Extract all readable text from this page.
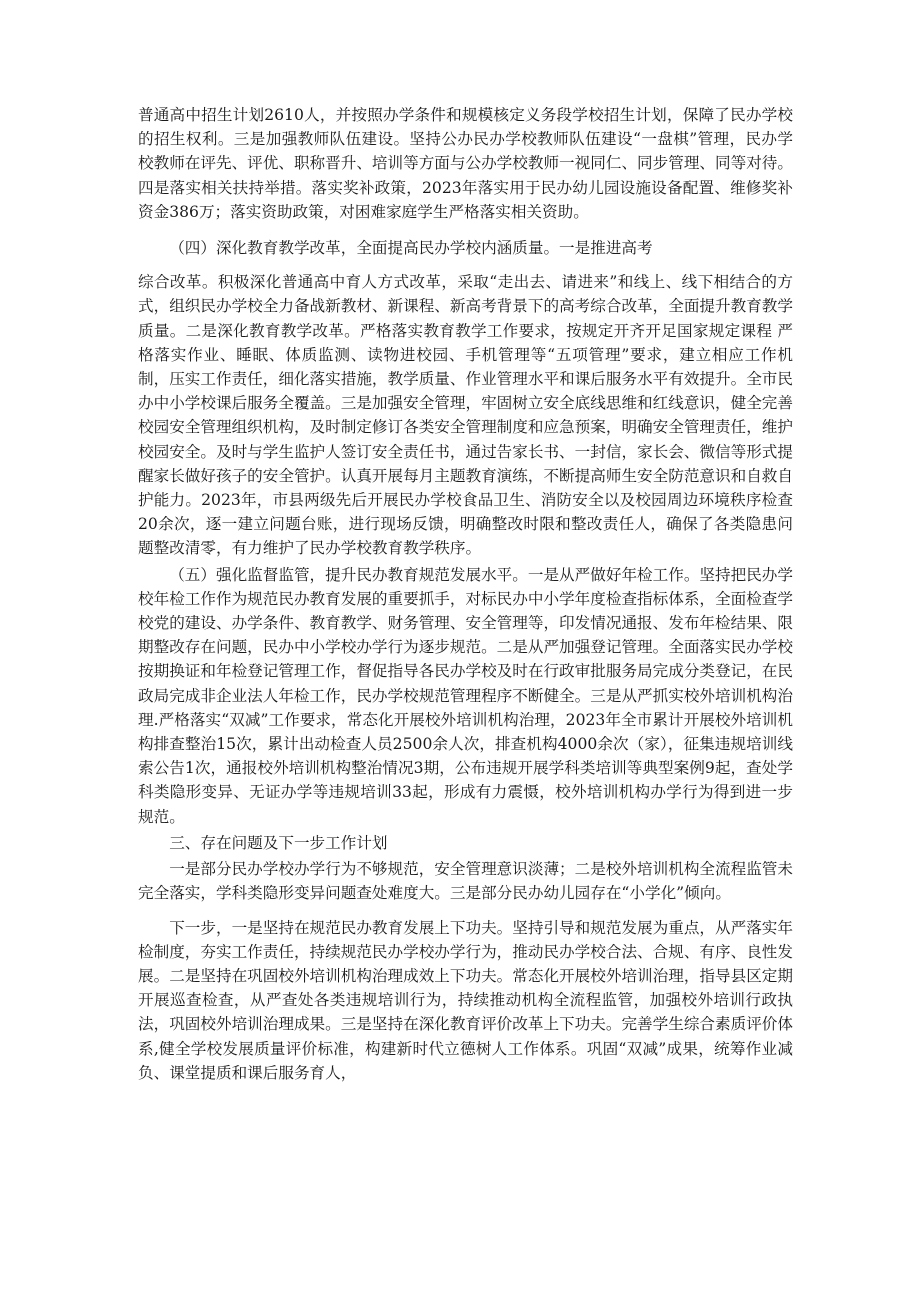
普通高中招生计划2610人，并按照办学条件和规模核定义务段学校招生计划，保障了民办学校的招生权利。三是加强教师队伍建设。坚持公办民办学校教师队伍建设“一盘棋”管理，民办学校教师在评先、评优、职称晋升、培训等方面与公办学校教师一视同仁、同步管理、同等对待。四是落实相关扶持举措。落实奖补政策，2023年落实用于民办幼儿园设施设备配置、维修奖补资金386万；落实资助政策，对困难家庭学生严格落实相关资助。

（四）深化教育教学改革，全面提高民办学校内涵质量。一是推进高考
综合改革。积极深化普通高中育人方式改革，采取“走出去、请进来”和线上、线下相结合的方式，组织民办学校全力备战新教材、新课程、新高考背景下的高考综合改革，全面提升教育教学质量。二是深化教育教学改革。严格落实教育教学工作要求，按规定开齐开足国家规定课程 严格落实作业、睡眠、体质监测、读物进校园、手机管理等“五项管理”要求，建立相应工作机制，压实工作责任，细化落实措施，教学质量、作业管理水平和课后服务水平有效提升。全市民办中小学校课后服务全覆盖。三是加强安全管理，牢固树立安全底线思维和红线意识，健全完善校园安全管理组织机构，及时制定修订各类安全管理制度和应急预案，明确安全管理责任，维护校园安全。及时与学生监护人签订安全责任书，通过告家长书、一封信，家长会、微信等形式提醒家长做好孩子的安全管护。认真开展每月主题教育演练，不断提高师生安全防范意识和自救自护能力。2023年，市县两级先后开展民办学校食品卫生、消防安全以及校园周边环境秩序检查20余次，逐一建立问题台账，进行现场反馈，明确整改时限和整改责任人，确保了各类隐患问题整改清零，有力维护了民办学校教育教学秩序。

（五）强化监督监管，提升民办教育规范发展水平。一是从严做好年检工作。坚持把民办学校年检工作作为规范民办教育发展的重要抓手，对标民办中小学年度检查指标体系，全面检查学校党的建设、办学条件、教育教学、财务管理、安全管理等，印发情况通报、发布年检结果、限期整改存在问题，民办中小学校办学行为逐步规范。二是从严加强登记管理。全面落实民办学校按期换证和年检登记管理工作，督促指导各民办学校及时在行政审批服务局完成分类登记，在民政局完成非企业法人年检工作，民办学校规范管理程序不断健全。三是从严抓实校外培训机构治理.严格落实“双减”工作要求，常态化开展校外培训机构治理，2023年全市累计开展校外培训机构排查整治15次，累计出动检查人员2500余人次，排查机构4000余次（家），征集违规培训线索公告1次，通报校外培训机构整治情况3期，公布违规开展学科类培训等典型案例9起，查处学科类隐形变异、无证办学等违规培训33起，形成有力震慑，校外培训机构办学行为得到进一步规范。

三、存在问题及下一步工作计划

一是部分民办学校办学行为不够规范，安全管理意识淡薄；二是校外培训机构全流程监管未完全落实，学科类隐形变异问题查处难度大。三是部分民办幼儿园存在“小学化”倾向。

下一步，一是坚持在规范民办教育发展上下功夫。坚持引导和规范发展为重点，从严落实年检制度，夯实工作责任，持续规范民办学校办学行为，推动民办学校合法、合规、有序、良性发展。二是坚持在巩固校外培训机构治理成效上下功夫。常态化开展校外培训治理，指导县区定期开展巡查检查，从严查处各类违规培训行为，持续推动机构全流程监管，加强校外培训行政执法，巩固校外培训治理成果。三是坚持在深化教育评价改革上下功夫。完善学生综合素质评价体系,健全学校发展质量评价标准，构建新时代立德树人工作体系。巩固“双减”成果，统筹作业减负、课堂提质和课后服务育人，
